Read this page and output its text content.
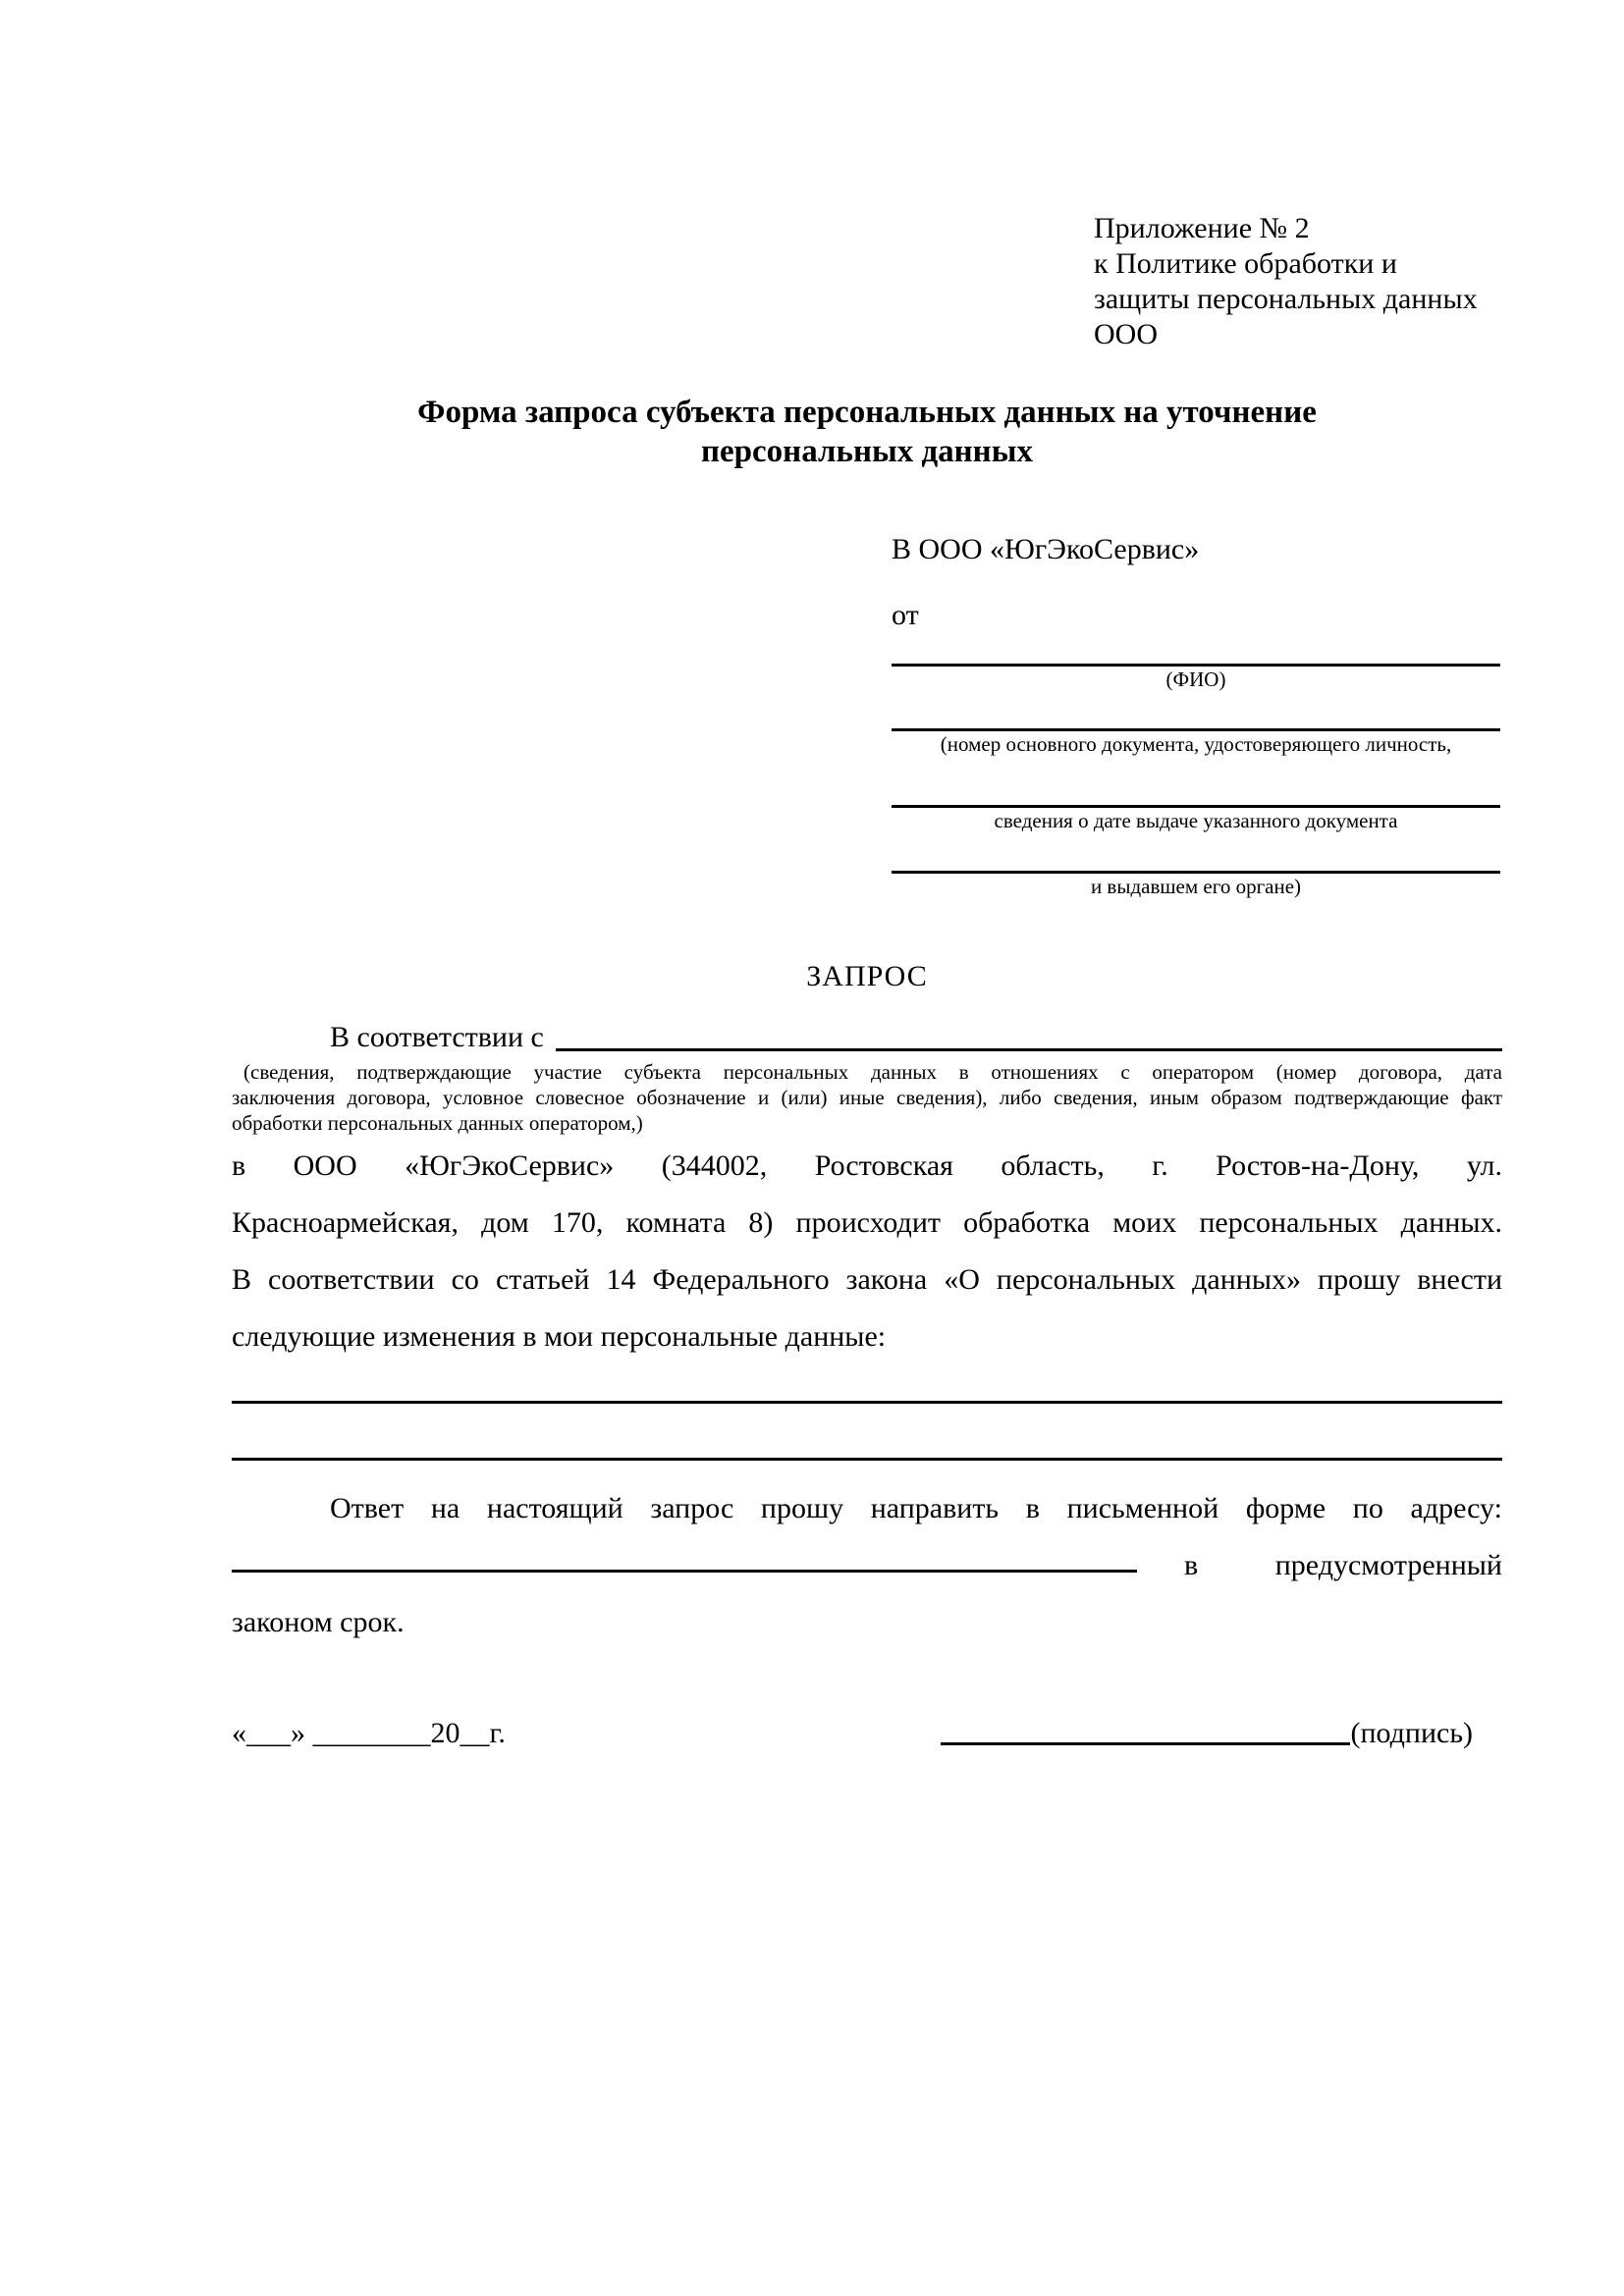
Приложение № 2
к Политике обработки и
защиты персональных данных
ООО
Форма запроса субъекта персональных данных на уточнение
персональных данных
В ООО «ЮгЭкоСервис»
от
(ФИО)
(номер основного документа, удостоверяющего личность,
сведения о дате выдаче указанного документа
и выдавшем его органе)
ЗАПРОС
В соответствии с
(сведения, подтверждающие участие субъекта персональных данных в отношениях с оператором (номер договора, дата
заключения договора, условное словесное обозначение и (или) иные сведения), либо сведения, иным образом подтверждающие факт
обработки персональных данных оператором,)
в ООО «ЮгЭкоСервис» (344002, Ростовская область, г. Ростов-на-Дону, ул.
Красноармейская, дом 170, комната 8) происходит обработка моих персональных данных.
В соответствии со статьей 14 Федерального закона «О персональных данных» прошу внести
следующие изменения в мои персональные данные:
Ответ на настоящий запрос прошу направить в письменной форме по адресу:
в	предусмотренный
законом срок.
«___» ________20__г.	(подпись)
